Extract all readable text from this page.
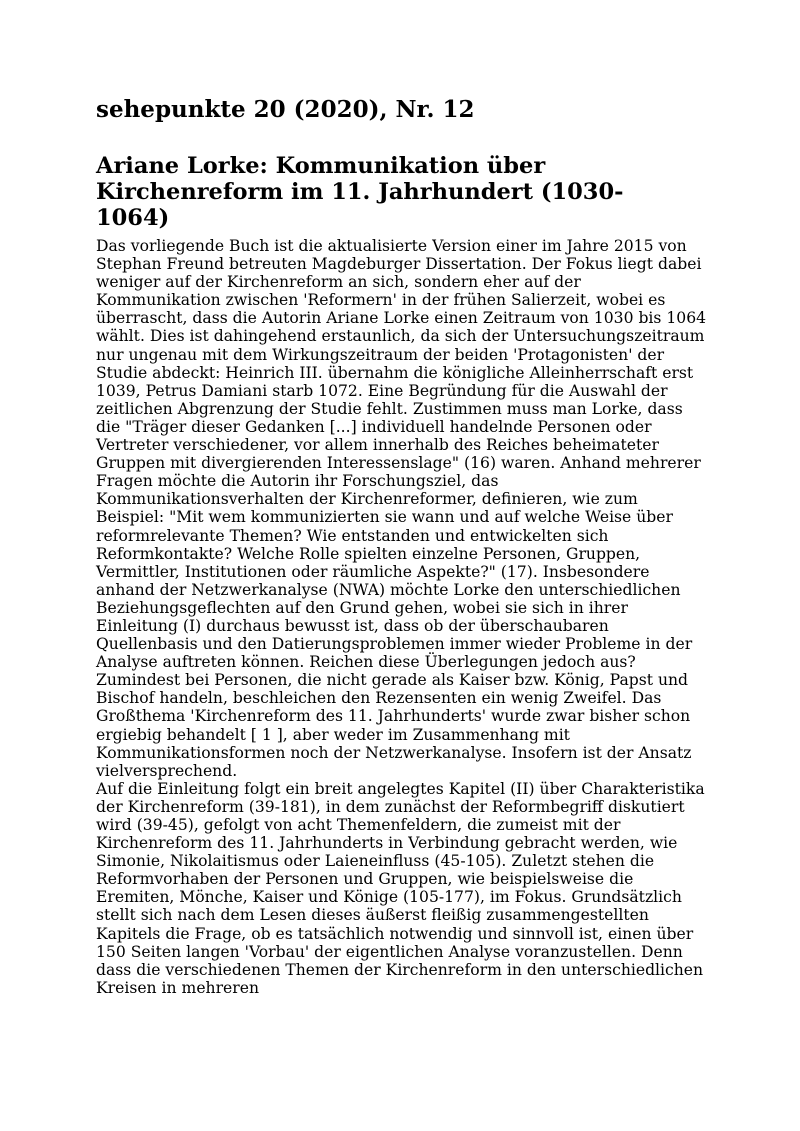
sehepunkte 20 (2020), Nr. 12
Ariane Lorke: Kommunikation über Kirchenreform im 11. Jahrhundert (1030-1064)

Das vorliegende Buch ist die aktualisierte Version einer im Jahre 2015 von Stephan Freund betreuten Magdeburger Dissertation. Der Fokus liegt dabei weniger auf der Kirchenreform an sich, sondern eher auf der Kommunikation zwischen 'Reformern' in der frühen Salierzeit, wobei es überrascht, dass die Autorin Ariane Lorke einen Zeitraum von 1030 bis 1064 wählt. Dies ist dahingehend erstaunlich, da sich der Untersuchungszeitraum nur ungenau mit dem Wirkungszeitraum der beiden 'Protagonisten' der Studie abdeckt: Heinrich III. übernahm die königliche Alleinherrschaft erst 1039, Petrus Damiani starb 1072. Eine Begründung für die Auswahl der zeitlichen Abgrenzung der Studie fehlt. Zustimmen muss man Lorke, dass die "Träger dieser Gedanken [...] individuell handelnde Personen oder Vertreter verschiedener, vor allem innerhalb des Reiches beheimateter Gruppen mit divergierenden Interessenslage" (16) waren. Anhand mehrerer Fragen möchte die Autorin ihr Forschungsziel, das Kommunikationsverhalten der Kirchenreformer, definieren, wie zum Beispiel: "Mit wem kommunizierten sie wann und auf welche Weise über reformrelevante Themen? Wie entstanden und entwickelten sich Reformkontakte? Welche Rolle spielten einzelne Personen, Gruppen, Vermittler, Institutionen oder räumliche Aspekte?" (17). Insbesondere anhand der Netzwerkanalyse (NWA) möchte Lorke den unterschiedlichen Beziehungsgeflechten auf den Grund gehen, wobei sie sich in ihrer Einleitung (I) durchaus bewusst ist, dass ob der überschaubaren Quellenbasis und den Datierungsproblemen immer wieder Probleme in der Analyse auftreten können. Reichen diese Überlegungen jedoch aus? Zumindest bei Personen, die nicht gerade als Kaiser bzw. König, Papst und Bischof handeln, beschleichen den Rezensenten ein wenig Zweifel. Das Großthema 'Kirchenreform des 11. Jahrhunderts' wurde zwar bisher schon ergiebig behandelt [ 1 ], aber weder im Zusammenhang mit Kommunikationsformen noch der Netzwerkanalyse. Insofern ist der Ansatz vielversprechend.

Auf die Einleitung folgt ein breit angelegtes Kapitel (II) über Charakteristika der Kirchenreform (39-181), in dem zunächst der Reformbegriff diskutiert wird (39-45), gefolgt von acht Themenfeldern, die zumeist mit der Kirchenreform des 11. Jahrhunderts in Verbindung gebracht werden, wie Simonie, Nikolaitismus oder Laieneinfluss (45-105). Zuletzt stehen die Reformvorhaben der Personen und Gruppen, wie beispielsweise die Eremiten, Mönche, Kaiser und Könige (105-177), im Fokus. Grundsätzlich stellt sich nach dem Lesen dieses äußerst fleißig zusammengestellten Kapitels die Frage, ob es tatsächlich notwendig und sinnvoll ist, einen über 150 Seiten langen 'Vorbau' der eigentlichen Analyse voranzustellen. Denn dass die verschiedenen Themen der Kirchenreform in den unterschiedlichen Kreisen in mehreren
